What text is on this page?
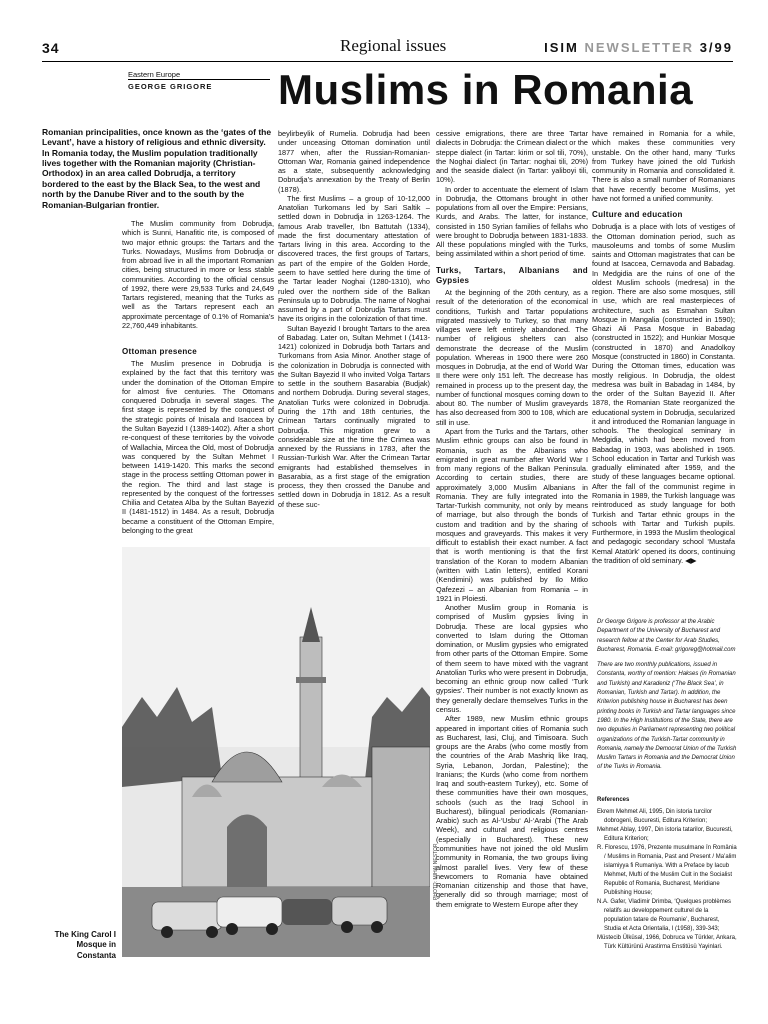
34	Regional issues	ISIM NEWSLETTER 3/99
Eastern Europe
GEORGE GRIGORE Muslims in Romania
Romanian principalities, once known as the ‘gates of the Levant’, have a history of religious and ethnic diversity. In Romania today, the Muslim population traditionally lives together with the Romanian majority (Christian-Orthodox) in an area called Dobrudja, a territory bordered to the east by the Black Sea, to the west and north by the Danube River and to the south by the Romanian-Bulgarian frontier.

The Muslim community from Dobrudja, which is Sunni, Hanafitic rite, is composed of two major ethnic groups: the Tartars and the Turks. Nowadays, Muslims from Dobrudja or from abroad live in all the important Romanian cities, being structured in more or less stable communities. According to the official census of 1992, there were 29,533 Turks and 24,649 Tartars registered, meaning that the Turks as well as the Tartars represent each an approximate percentage of 0.1% of Romania’s 22,760,449 inhabitants.

Ottoman presence

The Muslim presence in Dobrudja is explained by the fact that this territory was under the domination of the Ottoman Empire for almost five centuries. The Ottomans conquered Dobrudja in several stages. The first stage is represented by the conquest of the strategic points of Inisala and Isaccea by the Sultan Bayezid I (1389-1402). After a short re-conquest of these territories by the voivode of Wallachia, Mircea the Old, most of Dobrudja was conquered by the Sultan Mehmet I between 1419-1420. This marks the second stage in the process settling Ottoman power in the region. The third and last stage is represented by the conquest of the fortresses Chilia and Cetatea Alba by the Sultan Bayezid II (1481-1512) in 1484. As a result, Dobrudja became a constituent of the Ottoman Empire, belonging to the great

beylirbeylik of Rumelia. Dobrudja had been under unceasing Ottoman domination until 1877 when, after the Russian-Romanian-Ottoman War, Romania gained independence as a state, subsequently acknowledging Dobrudja’s annexation by the Treaty of Berlin (1878).

The first Muslims – a group of 10-12,000 Anatolian Turkomans led by Sari Saltik – settled down in Dobrudja in 1263-1264. The famous Arab traveller, Ibn Battutah (1334), made the first documentary attestation of Tartars living in this area. According to the discovered traces, the first groups of Tartars, as part of the empire of the Golden Horde, seem to have settled here during the time of the Tartar leader Noghai (1280-1310), who ruled over the northern side of the Balkan Peninsula up to Dobrudja. The name of Noghai assumed by a part of Dobrudja Tartars must have its origins in the colonization of that time.

Sultan Bayezid I brought Tartars to the area of Babadag. Later on, Sultan Mehmet I (1413-1421) colonized in Dobrudja both Tartars and Turkomans from Asia Minor. Another stage of the colonization in Dobrudja is connected with the Sultan Bayezid II who invited Volga Tartars to settle in the southern Basarabia (Budjak) and northern Dobrudja. During several stages, Anatolian Turks were colonized in Dobrudja. During the 17th and 18th centuries, the Crimean Tartars continually migrated to Dobrudja. This migration grew to a considerable size at the time the Crimea was annexed by the Russians in 1783, after the Russian-Turkish War. After the Crimean Tartar emigrants had established themselves in Basarabia, as a first stage of the emigration process, they then crossed the Danube and settled down in Dobrudja in 1812. As a result of these suc-

cessive emigrations, there are three Tartar dialects in Dobrudja: the Crimean dialect or the steppe dialect (in Tartar: kirim or sol tili, 70%), the Noghai dialect (in Tartar: noghai tili, 20%) and the seaside dialect (in Tartar: yaliboyi tili, 10%).

In order to accentuate the element of Islam in Dobrudja, the Ottomans brought in other populations from all over the Empire: Persians, Kurds, and Arabs. The latter, for instance, consisted in 150 Syrian families of fellahs who were brought to Dobrudja between 1831-1833. All these populations mingled with the Turks, being assimilated within a short period of time.

Turks, Tartars, Albanians and Gypsies

At the beginning of the 20th century, as a result of the deterioration of the economical conditions, Turkish and Tartar populations migrated massively to Turkey, so that many villages were left entirely abandoned. The number of religious shelters can also demonstrate the decrease of the Muslim population. Whereas in 1900 there were 260 mosques in Dobrudja, at the end of World War II there were only 151 left. The decrease has remained in process up to the present day, the number of functional mosques coming down to about 80. The number of Muslim graveyards has also decreased from 300 to 108, which are still in use.

Apart from the Turks and the Tartars, other Muslim ethnic groups can also be found in Romania, such as the Albanians who emigrated in great number after World War I from many regions of the Balkan Peninsula. According to certain studies, there are approximately 3,000 Muslim Albanians in Romania. They are fully integrated into the Tartar-Turkish community, not only by means of marriage, but also through the bonds of custom and tradition and by the sharing of mosques and graveyards. This makes it very difficult to establish their exact number. A fact that is worth mentioning is that the first translation of the Koran to modern Albanian (written with Latin letters), entitled Korani (Kendimini) was published by Ilo Mitko Qafezezi – an Albanian from Romania – in 1921 in Ploiesti.

Another Muslim group in Romania is comprised of Muslim gypsies living in Dobrudja. These are local gypsies who converted to Islam during the Ottoman domination, or Muslim gypsies who emigrated from other parts of the Ottoman Empire. Some of them seem to have mixed with the vagrant Anatolian Turks who were present in Dobrudja, becoming an ethnic group now called ‘Turk gypsies’. Their number is not exactly known as they generally declare themselves Turks in the census.

After 1989, new Muslim ethnic groups appeared in important cities of Romania such as Bucharest, Iasi, Cluj, and Timisoara. Such groups are the Arabs (who come mostly from the countries of the Arab Mashriq like Iraq, Syria, Lebanon, Jordan, Palestine); the Iranians; the Kurds (who come from northern Iraq and south-eastern Turkey), etc. Some of these communities have their own mosques, schools (such as the Iraqi School in Bucharest), bilingual periodicals (Romanian-Arabic) such as Al-‘Usbu‘ Al-‘Arabi (The Arab Week), and cultural and religious centres (especially in Bucharest). These new communities have not joined the old Muslim community in Romania, the two groups living almost parallel lives. Very few of these newcomers to Romania have obtained Romanian citizenship and those that have, generally did so through marriage; most of them emigrate to Western Europe after they

have remained in Romania for a while, which makes these communities very unstable. On the other hand, many ‘Turks from Turkey have joined the old Turkish community in Romania and consolidated it. There is also a small number of Romanians that have recently become Muslims, yet have not formed a unified community.

Culture and education

Dobrudja is a place with lots of vestiges of the Ottoman domination period, such as mausoleums and tombs of some Muslim saints and Ottoman magistrates that can be found at Isaccea, Cernavoda and Babadag. In Medgidia are the ruins of one of the oldest Muslim schools (medresa) in the region. There are also some mosques, still in use, which are real masterpieces of architecture, such as Esmahan Sultan Mosque in Mangalia (constructed in 1590); Ghazi Ali Pasa Mosque in Babadag (constructed in 1522); and Hunkiar Mosque (constructed in 1870) and Anadolkoy Mosque (constructed in 1860) in Constanta. During the Ottoman times, education was mostly religious. In Dobrudja, the oldest medresa was built in Babadag in 1484, by the order of the Sultan Bayezid II. After 1878, the Romanian State reorganized the educational system in Dobrudja, secularized it and introduced the Romanian language in schools. The theological seminary in Medgidia, which had been moved from Babadag in 1903, was abolished in 1965. School education in Tartar and Turkish was gradually eliminated after 1959, and the study of these languages became optional. After the fall of the communist regime in Romania in 1989, the Turkish language was reintroduced as study language for both Turkish and Tartar ethnic groups in the schools with Tartar and Turkish pupils. Furthermore, in 1993 the Muslim theological and pedagogic secondary school ‘Mustafa Kemal Atatürk’ opened its doors, continuing the tradition of old seminary. ◀▶

PHOTO: MIHAI NESTOR
The King Carol I Mosque in Constanta

Dr George Grigore is professor at the Arabic Department of the University of Bucharest and research fellow at the Center for Arab Studies, Bucharest, Romania. E-mail: grigoreg@hotmail.com

There are two monthly publications, issued in Constanta, worthy of mention: Hakses (in Romanian and Turkish) and Karadeniz (‘The Black Sea’, in Romanian, Turkish and Tartar). In addition, the Kriterion publishing house in Bucharest has been printing books in Turkish and Tartar languages since 1980. In the High Institutions of the State, there are two deputies in Parliament representing two political organizations of the Turkish-Tartar community in Romania, namely the Democrat Union of the Turkish Muslim Tartars in Romania and the Democrat Union of the Turks in Romania.

References
Ekrem Mehmet Ali, 1995, Din istoria turcilor dobrogeni, Bucuresti, Editura Kriterion;
Mehmet Ablay, 1997, Din istoria tatarilor, Bucuresti, Editura Kriterion;
R. Florescu, 1976, Prezente musulmane în România / Muslims in Romania, Past and Present / Ma’alim islamiyya fi Rumaniya. With a Preface by Iacub Mehmet, Mufti of the Muslim Cult in the Socialist Republic of Romania, Bucharest, Meridiane Publishing House;
N.A. Gafer, Vladimir Drimba, ‘Quelques problèmes relatifs au developpement culturel de la population tatare de Roumanie’, Bucharest, Studia et Acta Orientalia, I (1958), 339-343;
Müstecib Ülküsal, 1966, Dobruca ve Türkler, Ankara, Türk Kültürünü Arastirma Enstitüsü Yayinlari.
